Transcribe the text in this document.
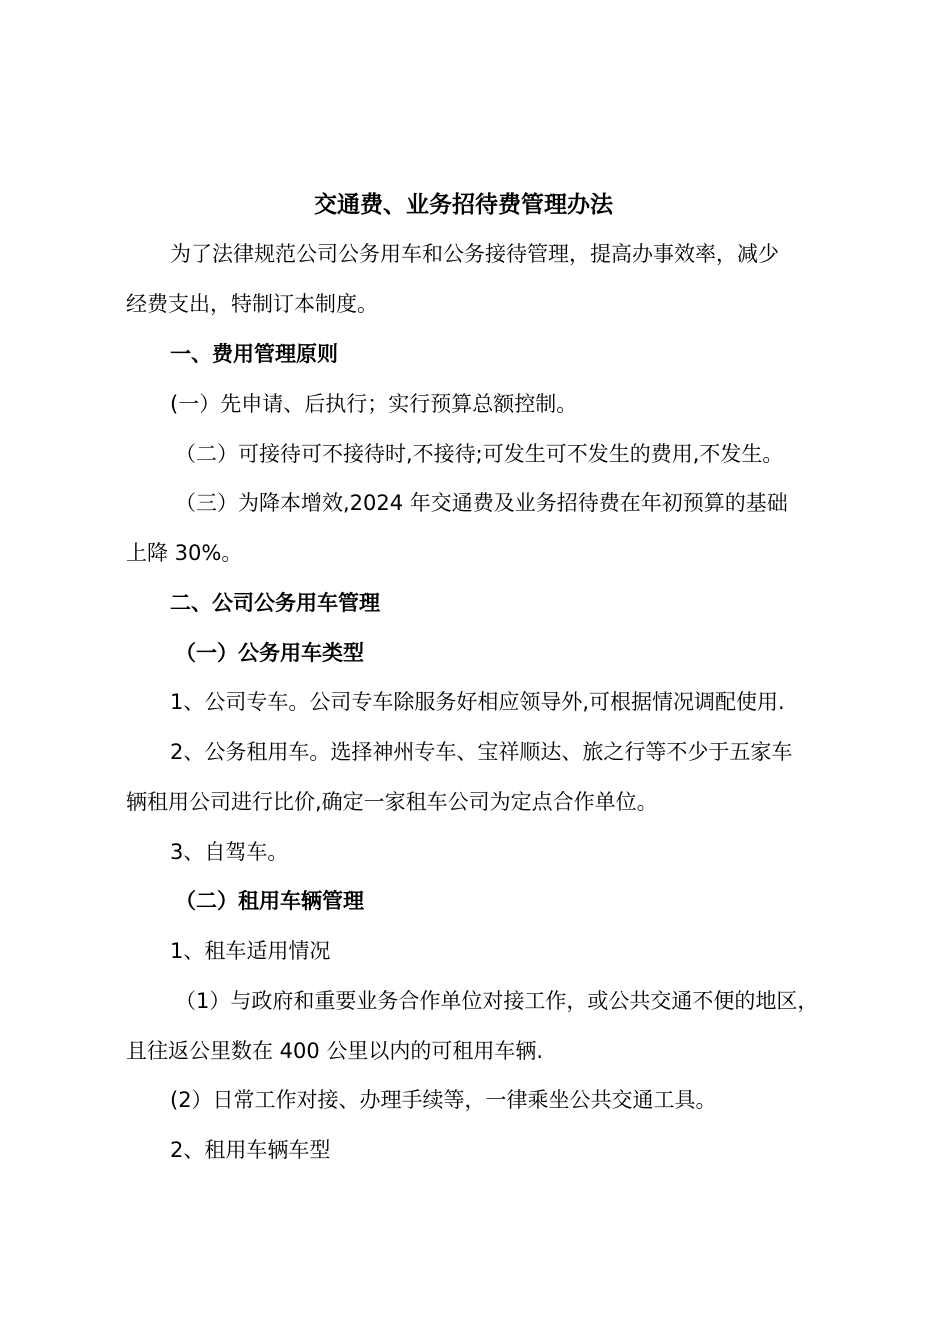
交通费、业务招待费管理办法
为了法律规范公司公务用车和公务接待管理，提高办事效率，减少
经费支出，特制订本制度。
一、费用管理原则
(一）先申请、后执行；实行预算总额控制。
（二）可接待可不接待时,不接待;可发生可不发生的费用,不发生。
（三）为降本增效,2024 年交通费及业务招待费在年初预算的基础
上降 30%。
二、公司公务用车管理
（一）公务用车类型
1、公司专车。公司专车除服务好相应领导外,可根据情况调配使用.
2、公务租用车。选择神州专车、宝祥顺达、旅之行等不少于五家车
辆租用公司进行比价,确定一家租车公司为定点合作单位。
3、自驾车。
（二）租用车辆管理
1、租车适用情况
（1）与政府和重要业务合作单位对接工作，或公共交通不便的地区，
且往返公里数在 400 公里以内的可租用车辆.
(2）日常工作对接、办理手续等，一律乘坐公共交通工具。
2、租用车辆车型
